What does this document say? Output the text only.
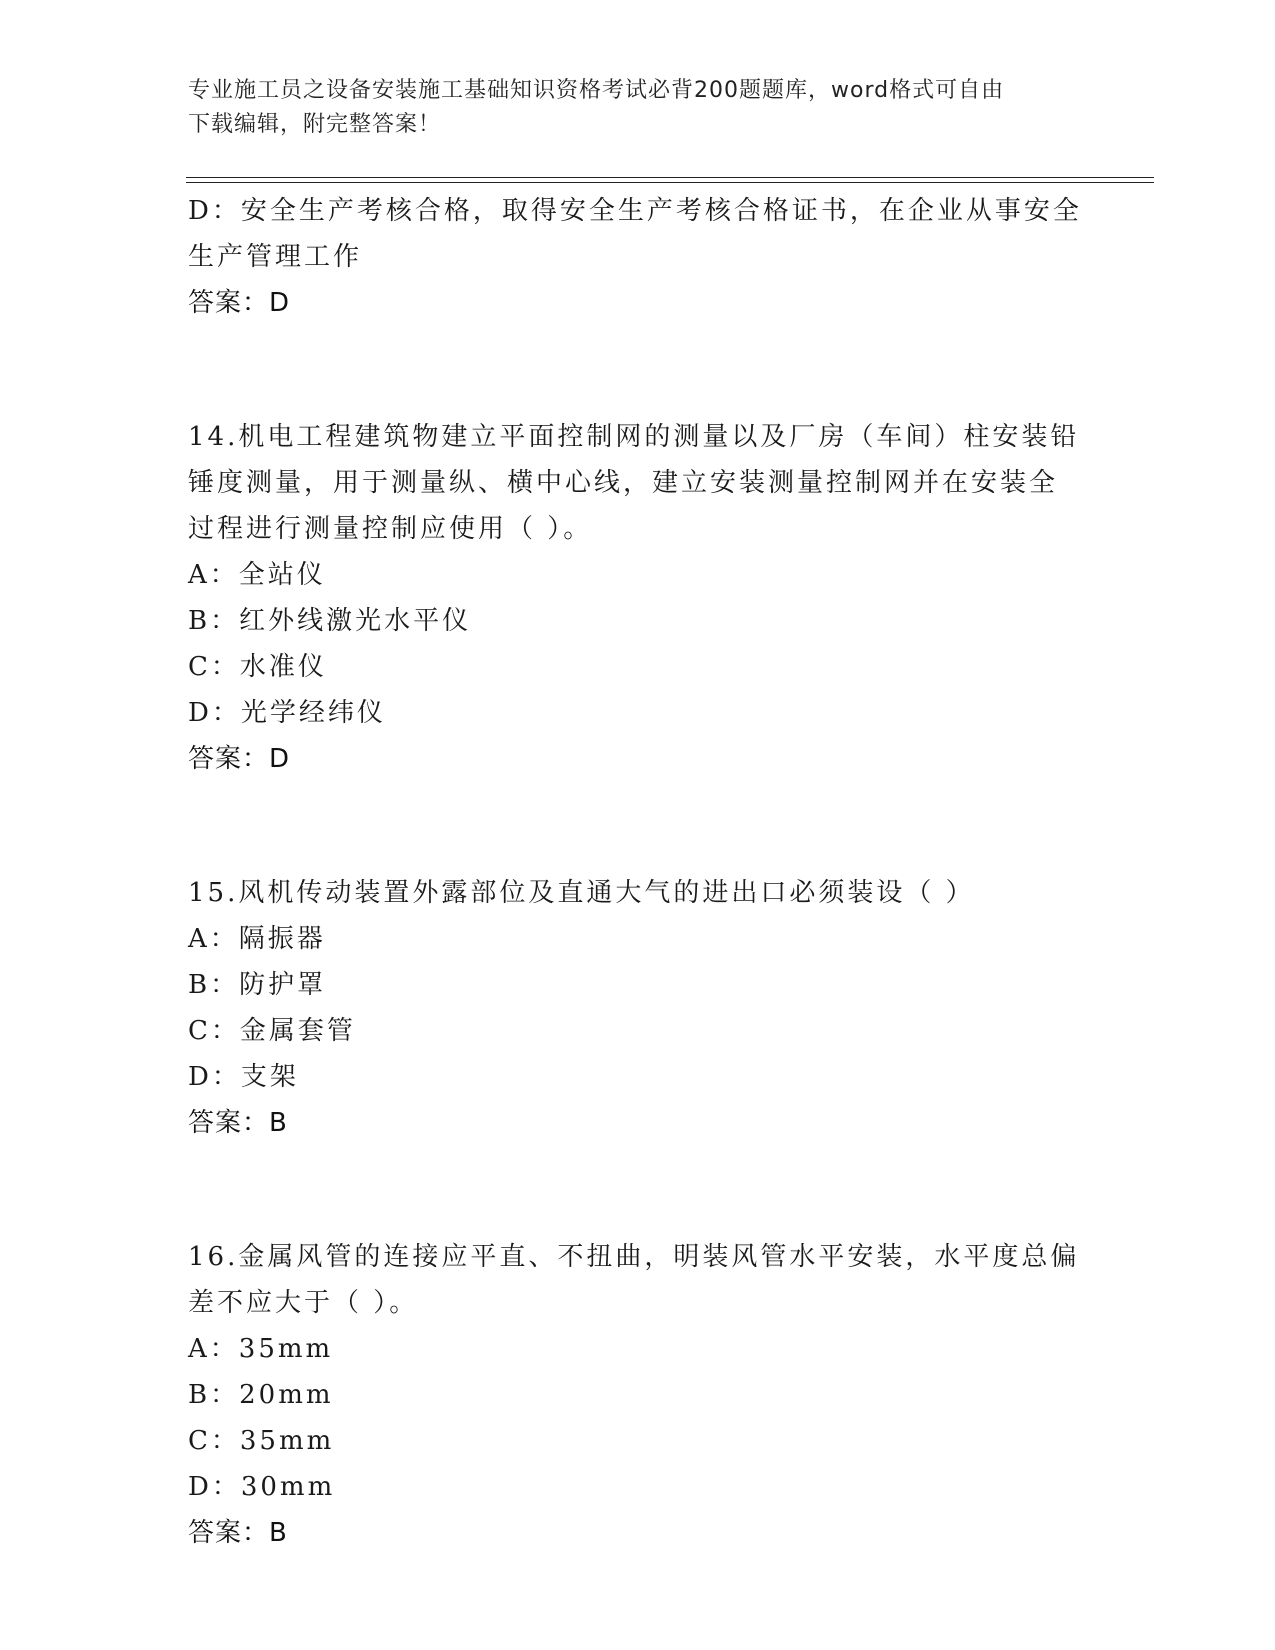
专业施工员之设备安装施工基础知识资格考试必背200题题库，word格式可自由
下载编辑，附完整答案！
D：安全生产考核合格，取得安全生产考核合格证书，在企业从事安全
生产管理工作
答案：D
14.机电工程建筑物建立平面控制网的测量以及厂房（车间）柱安装铅
锤度测量，用于测量纵、横中心线，建立安装测量控制网并在安装全
过程进行测量控制应使用（ ）。
A：全站仪
B：红外线激光水平仪
C：水准仪
D：光学经纬仪
答案：D
15.风机传动装置外露部位及直通大气的进出口必须装设（ ）
A：隔振器
B：防护罩
C：金属套管
D：支架
答案：B
16.金属风管的连接应平直、不扭曲，明装风管水平安装，水平度总偏
差不应大于（ ）。
A：35mm
B：20mm
C：35mm
D：30mm
答案：B
